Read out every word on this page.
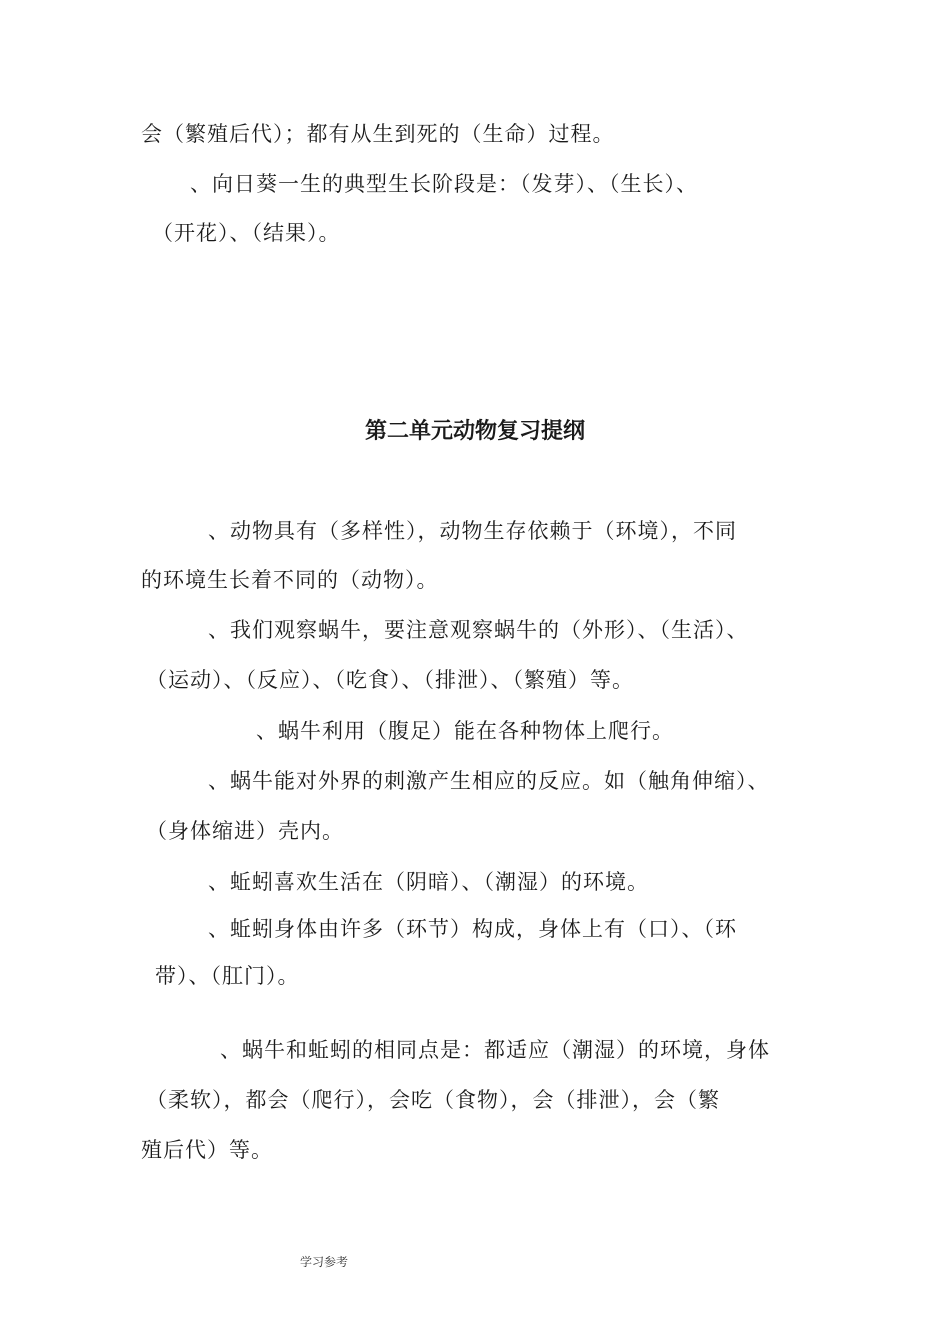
会（繁殖后代）；都有从生到死的（生命）过程。

、向日葵一生的典型生长阶段是：（发芽）、（生长）、

（开花）、（结果）。

第二单元动物复习提纲

、动物具有（多样性），动物生存依赖于（环境），不同

的环境生长着不同的（动物）。

、我们观察蜗牛，要注意观察蜗牛的（外形）、（生活）、

（运动）、（反应）、（吃食）、（排泄）、（繁殖）等。

、蜗牛利用（腹足）能在各种物体上爬行。

、蜗牛能对外界的刺激产生相应的反应。如（触角伸缩）、

（身体缩进）壳内。

、蚯蚓喜欢生活在（阴暗）、（潮湿）的环境。

、蚯蚓身体由许多（环节）构成，身体上有（口）、（环

带）、（肛门）。

、蜗牛和蚯蚓的相同点是：都适应（潮湿）的环境，身体

（柔软），都会（爬行），会吃（食物），会（排泄），会（繁

殖后代）等。

学习参考
